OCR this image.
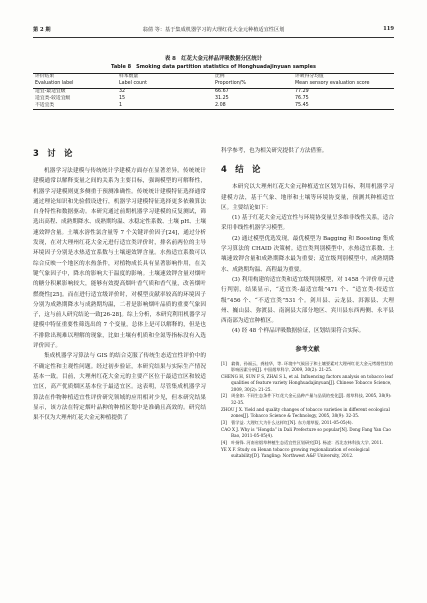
第 2 期	翁倩 等：基于集成机器学习的大理红花大金元种植适宜性区划	119
表 8　红花大金元样品评吸数据分区统计
Table 8　Smoking data partition statistics of Honghuadajinyuan samples
评价结果	样本数量	比例	评吸得分均值
Evaluation label	Label count	Proportion/%	Mean sensory evaluation score
适宜-最适宜级	32	66.67	77.29
适宜类-较适宜级	15	31.25	76.75
不适宜类	1	2.08	75.45
3　讨　论

机器学习法建模与传统统计学建模方面存在显著差异。传统统计建模通常以解释变量之间的关系为主要目标，强调模型的可解释性，机器学习建模则更多侧重于预测准确性。传统统计建模特征选择通常通过理论知识和先验假设进行，机器学习建模特征选择更多依赖算法自身特性和数据驱动。本研究通过前期机器学习建模的反复测试，筛选出高程、成熟期降水、成熟期均温、水稳定性系数、土壤 pH、土壤速效钾含量。土壤水溶性氯含量等 7 个关键评价因子[24]，通过分析发现，在对大理州红花大金元进行适宜类评价时，排名前两位的主导环境因子分别是水热适宜系数与土壤速效钾含量。水热适宜系数可以综合反映一个地区的水热条件，对植物成长具有显著影响作用，在关键气象因子中，降水的影响大于温度的影响。土壤速效钾含量对烟叶的糖分积累影响较大，能够有效提高烟叶香气质和香气量，改善烟叶燃烧性[25]。而在进行适宜级评价时，对模型贡献率较高的环境因子分别为成熟期降水与成熟期均温，二者是影响烟叶品质的重要气象因子，这与前人研究结论一致[26-28]。综上分析，本研究利用机器学习建模中特征重要性筛选出的 7 个变量，总体上是可以解释的，但是也不排除出现难以理解的现象，比如土壤有机质和全氮等指标没有入选评价因子。

集成机器学习算法与 GIS 的结合克服了传统生态适宜性评价中的不确定性和主观性问题。经过初步验证，本研究结果与实际生产情况基本一致。目前，大理州红花大金元的主要产区位于最适宜区和较适宜区，高产优质烟区基本位于最适宜区。这表明，尽管集成机器学习算法在作物种植适宜性评价研究领域的应用相对少见，但本研究结果显示，该方法在特定烟叶品种的种植区划中是准确且高效的。研究结果不仅为大理州红花大金元种植提供了

科学参考，也为相关研究提供了方法借鉴。

4　结　论

本研究以大理州红花大金元种植适宜区划为目标，利用机器学习建模方法，基于气象、地形和土壤等环境协变量，预测其种植适宜区。主要结论如下：

(1) 基于红花大金元适宜性与环境协变量呈多维非线性关系，适合采用非线性机器学习模型。

(2) 通过模型优选发现，最优模型为 Bagging 和 Boosting 集成学习算法的 CHAID 决策树。适宜类判别模型中，水热适宜系数、土壤速效钾含量和成熟期降水最为重要；适宜级判别模型中，成熟期降水、成熟期均温、高程最为重要。

(3) 利用构建的适宜类和适宜级判别模型，对 1458 个评价单元进行判别，结果显示，“适宜类-最适宜级”471 个、“适宜类-较适宜级”456 个、“不适宜类”531 个。剑川县、云龙县、洱源县、大理州、巍山县、弥渡县、南涧县大部分地区、宾川县东西两侧、永平县西南部为适宜种植区。

(4) 经 48 个样品评吸数据验证，区划结果符合实际。

参考文献

[1]　翁倩，孙福云，龚桂华，等. 环境中气候因子和土壤要素对大理州红花大金元烤烟性状的影响因素分析[J]. 中国烟草科学, 2009, 30(2): 21-25.

CHENG H, SUN F S, ZHAI S L, et al. Influencing factors analysis on tobacco leaf qualities of feature variety Honghuadajinyuan[J]. Chinese Tobacco Science, 2009, 30(2): 21-25.

[2]　周金如. 不同生态条件下红花大金元品种产量与品质的变化[J]. 烟草科技, 2005, 38(9): 32-35.

ZHOU J X. Yield and quality changes of tobacco varieties in different ecological zones[J]. Tobacco Science & Technology, 2005, 38(9): 32-35.

[3]　曹学益. 大理红大为什么这样红[N]. 东方烟草报, 2011-05-05(4).

CAO X J. Why is “Hongda” in Dali Prefecture so popular[N]. Dong Fang Yan Cao Bao, 2011-05-05(4).

[4]　叶扬锋. 河南省烟草种植生态适宜性区划研究[D]. 杨凌：西北农林科技大学, 2011.

YE X F. Study on Henan tobacco growing regionalization of ecological suitability[D]. Yangling: Northwest A&F University, 2012.
